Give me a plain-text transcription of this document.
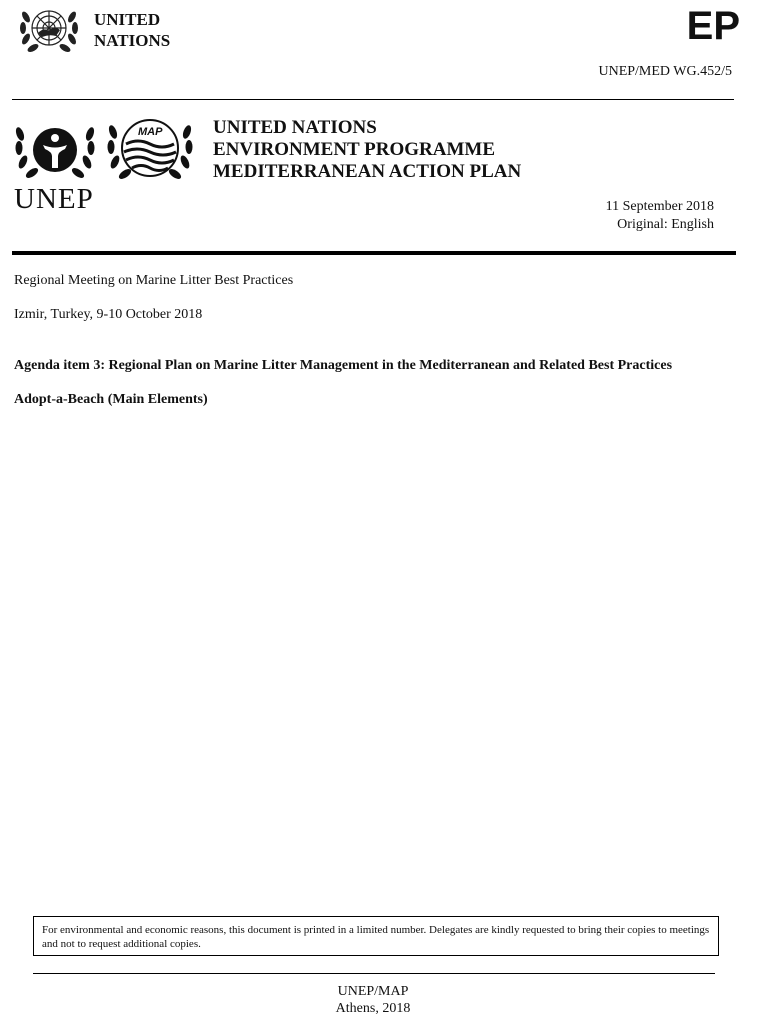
UNITED
NATIONS	EP
UNEP/MED WG.452/5
UNEP
MAP	UNITED NATIONS
ENVIRONMENT PROGRAMME
MEDITERRANEAN ACTION PLAN
11 September 2018
Original: English
Regional Meeting on Marine Litter Best Practices
Izmir, Turkey, 9-10 October 2018
Agenda item 3: Regional Plan on Marine Litter Management in the Mediterranean and Related Best Practices
Adopt-a-Beach (Main Elements)
For environmental and economic reasons, this document is printed in a limited number. Delegates are kindly requested to bring their copies to meetings and not to request additional copies.
UNEP/MAP
Athens, 2018
